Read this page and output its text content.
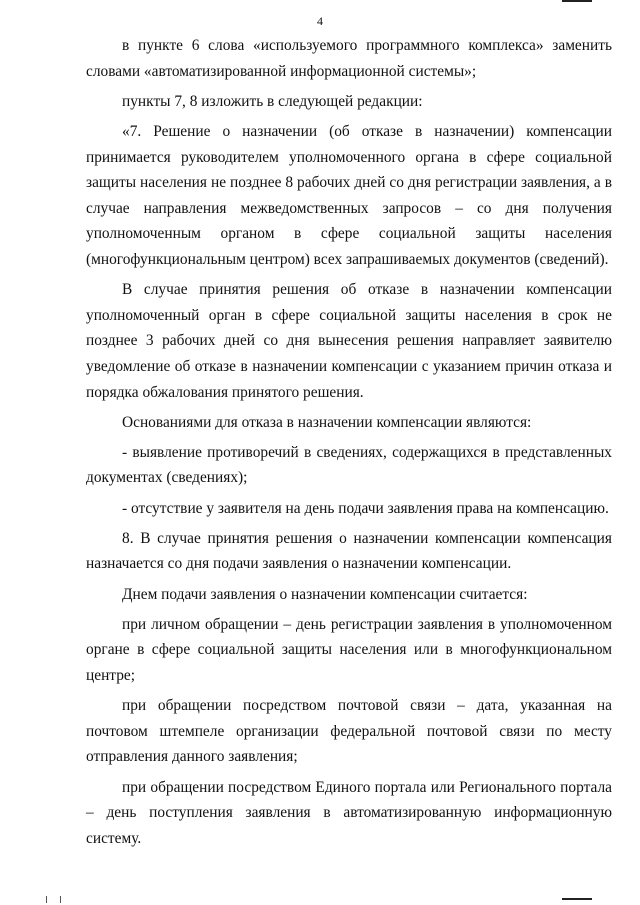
4

в пункте 6 слова «используемого программного комплекса» заменить словами «автоматизированной информационной системы»;

пункты 7, 8 изложить в следующей редакции:

«7. Решение о назначении (об отказе в назначении) компенсации принимается руководителем уполномоченного органа в сфере социальной защиты населения не позднее 8 рабочих дней со дня регистрации заявления, а в случае направления межведомственных запросов – со дня получения уполномоченным органом в сфере социальной защиты населения (многофункциональным центром) всех запрашиваемых документов (сведений).

В случае принятия решения об отказе в назначении компенсации уполномоченный орган в сфере социальной защиты населения в срок не позднее 3 рабочих дней со дня вынесения решения направляет заявителю уведомление об отказе в назначении компенсации с указанием причин отказа и порядка обжалования принятого решения.

Основаниями для отказа в назначении компенсации являются:

- выявление противоречий в сведениях, содержащихся в представленных документах (сведениях);

- отсутствие у заявителя на день подачи заявления права на компенсацию.

8. В случае принятия решения о назначении компенсации компенсация назначается со дня подачи заявления о назначении компенсации.

Днем подачи заявления о назначении компенсации считается:

при личном обращении – день регистрации заявления в уполномоченном органе в сфере социальной защиты населения или в многофункциональном центре;

при обращении посредством почтовой связи – дата, указанная на почтовом штемпеле организации федеральной почтовой связи по месту отправления данного заявления;

при обращении посредством Единого портала или Регионального портала – день поступления заявления в автоматизированную информационную систему.
